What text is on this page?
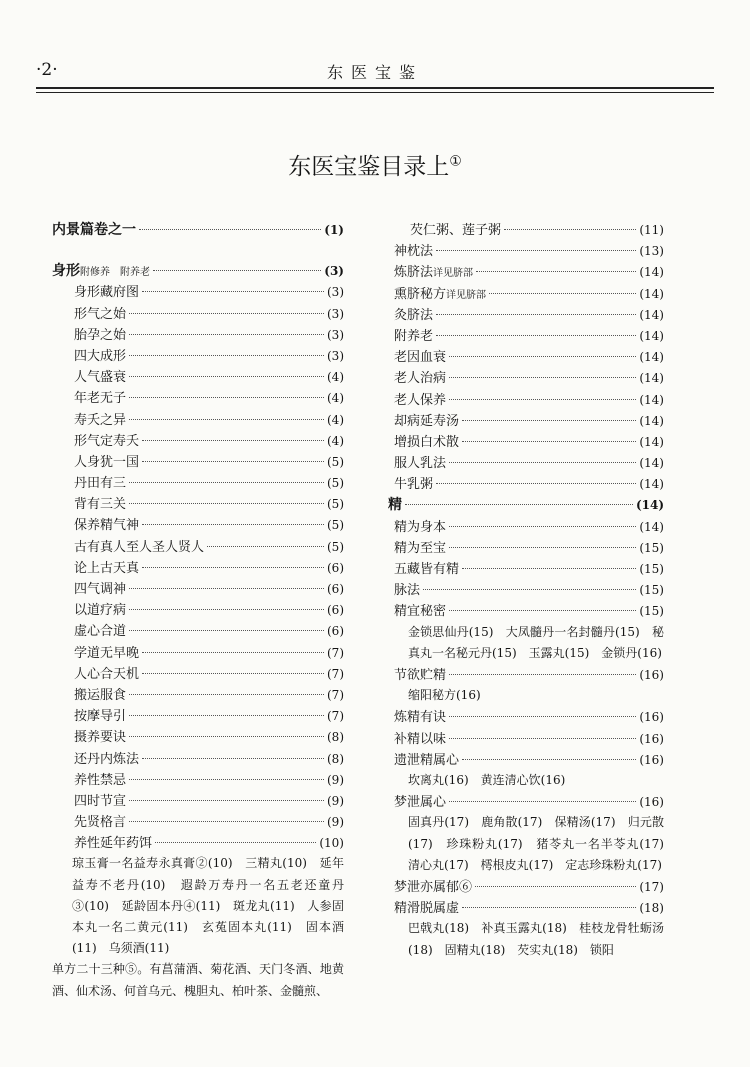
·2·	东医宝鉴
东医宝鉴目录上①
内景篇卷之一	(1)
身形 附修养　附养老	(3)
身形藏府图	(3)
形气之始	(3)
胎孕之始	(3)
四大成形	(3)
人气盛衰	(4)
年老无子	(4)
寿夭之异	(4)
形气定寿夭	(4)
人身犹一国	(5)
丹田有三	(5)
背有三关	(5)
保养精气神	(5)
古有真人至人圣人贤人	(5)
论上古天真	(6)
四气调神	(6)
以道疗病	(6)
虚心合道	(6)
学道无早晚	(7)
人心合天机	(7)
搬运服食	(7)
按摩导引	(7)
摄养要诀	(8)
还丹内炼法	(8)
养性禁忌	(9)
四时节宣	(9)
先贤格言	(9)
养性延年药饵	(10)
琼玉膏一名益寿永真膏②(10)　三精丸(10)　延年益寿不老丹(10)　遐龄万寿丹一名五老还童丹③(10)　延龄固本丹④(11)　斑龙丸(11)　人参固本丸一名二黄元(11)　玄菟固本丸(11)　固本酒(11)　乌须酒(11)
单方二十三种⑤。有菖蒲酒、菊花酒、天门冬酒、地黄酒、仙术汤、何首乌元、槐胆丸、柏叶茶、金髓煎、
芡仁粥、莲子粥	(11)
神枕法	(13)
炼脐法 详见脐部	(14)
熏脐秘方 详见脐部	(14)
灸脐法	(14)
附养老	(14)
老因血衰	(14)
老人治病	(14)
老人保养	(14)
却病延寿汤	(14)
增损白术散	(14)
服人乳法	(14)
牛乳粥	(14)
精	(14)
精为身本	(14)
精为至宝	(15)
五藏皆有精	(15)
脉法	(15)
精宜秘密	(15)
金锁思仙丹(15)　大凤髓丹一名封髓丹(15)　秘真丸一名秘元丹(15)　玉露丸(15)　金锁丹(16)
节欲贮精	(16)
缩阳秘方(16)
炼精有诀	(16)
补精以味	(16)
遗泄精属心	(16)
坎离丸(16)　黄连清心饮(16)
梦泄属心	(16)
固真丹(17)　鹿角散(17)　保精汤(17)　归元散(17)　珍珠粉丸(17)　猪苓丸一名半苓丸(17)　清心丸(17)　樗根皮丸(17)　定志珍珠粉丸(17)
梦泄亦属郁⑥	(17)
精滑脱属虚	(18)
巴戟丸(18)　补真玉露丸(18)　桂枝龙骨牡蛎汤(18)　固精丸(18)　芡实丸(18)　锁阳
